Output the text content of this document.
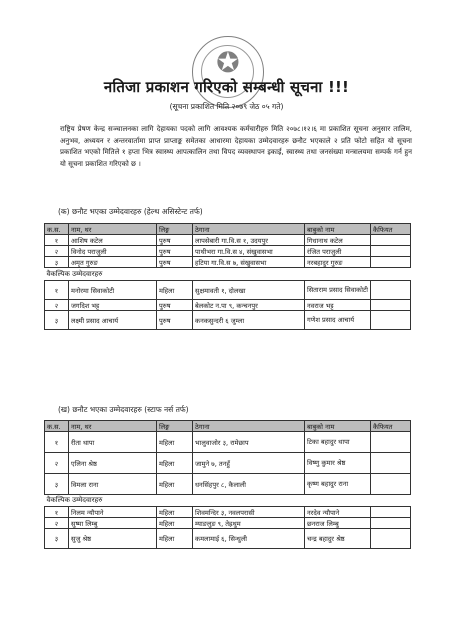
✪
नतिजा प्रकाशन गरिएको सम्बन्धी सूचना !!!
(सूचना प्रकाशित मिति २०७९ जेठ ०५ गते)
राष्ट्रिय प्रेषण केन्द्र सञ्चालनका लागि देहायका पदको लागि आवश्यक कर्मचारीहरु मिति २०७८।१२।६ मा प्रकाशित सूचना अनुसार तालिम, अनुभव, अध्ययन र अन्तरवार्तामा प्राप्त प्राप्ताङ्क समेतका आधारमा देहायका उम्मेदवारहरु छनौट भएकाले २ प्रति फोटो सहित यो सूचना प्रकाशित भएको मितिले १ हप्ता भित्र स्वास्थ्य आपत्कालिन तथा विपद व्यवस्थापन इकाई, स्वास्थ्य तथा जनसंख्या मन्त्रालयमा सम्पर्क गर्न हुन यो सूचना प्रकाशित गरिएको छ ।
(क) छनौट भएका उम्मेदवारहरु (हेल्थ असिस्टेन्ट तर्फ)
क.स.	नाम, थर	लिङ्ग	ठेगाना	बाबुको नाम	कैफियत
१	आशिष कटेल	पुरुष	लापसेबारी गा.वि.स १, उदयपुर	गिधानाथ कटेल	
२	विनोद पराजुली	पुरुष	पाथीभरा गा.वि.स ४, संखुवासभा	रंजित पराजुली	
३	अमृत गुरुङ	पुरुष	हटिया गा.वि.स ७, संखुवासभा	नरबहादुर गुरुङ	
वैकल्पिक उम्मेदवारहरु					
१	मनोरमा सिवाकोटी	महिला	सुक्षमावती १, दोलखा	सिताराम प्रसाद सिवाकोटी	
२	जगदिश भट्ट	पुरुष	बेलकोट न.पा ९, कन्चनपुर	नवराज भट्ट	
३	लक्ष्मी प्रसाद आचार्य	पुरुष	कनकसुन्दरी ६ जुम्ला	गणेश प्रसाद आचार्य	
(ख) छनौट भएका उम्मेदवारहरु (स्टाफ नर्स तर्फ)
क.स.	नाम, थर	लिङ्ग	ठेगाना	बाबुको नाम	कैफियत
१	रीता थापा	महिला	भालुवाजोर ३, रामेछाप	टिका बहादुर थापा	
२	एलिना श्रेष्ठ	महिला	जामुने ७, तनहुँ	विष्णु कुमार श्रेष्ठ	
३	विमला राना	महिला	धनसिंहपुर ८, कैलाली	कृष्ण बहादुर राना	
वैकल्पिक उम्मेदवारहरु					
१	निलम न्यौपाने	महिला	शिवमन्दिर ३, नवलपरासी	नरदेव न्यौपाने	
२	सुष्मा लिम्बु	महिला	म्याङलुङ ९, तेह्रथुम	छनराज लिम्बु	
३	सुजु श्रेष्ठ	महिला	कमलामाई ६, सिन्धुली	चन्द्र बहादुर श्रेष्ठ	
